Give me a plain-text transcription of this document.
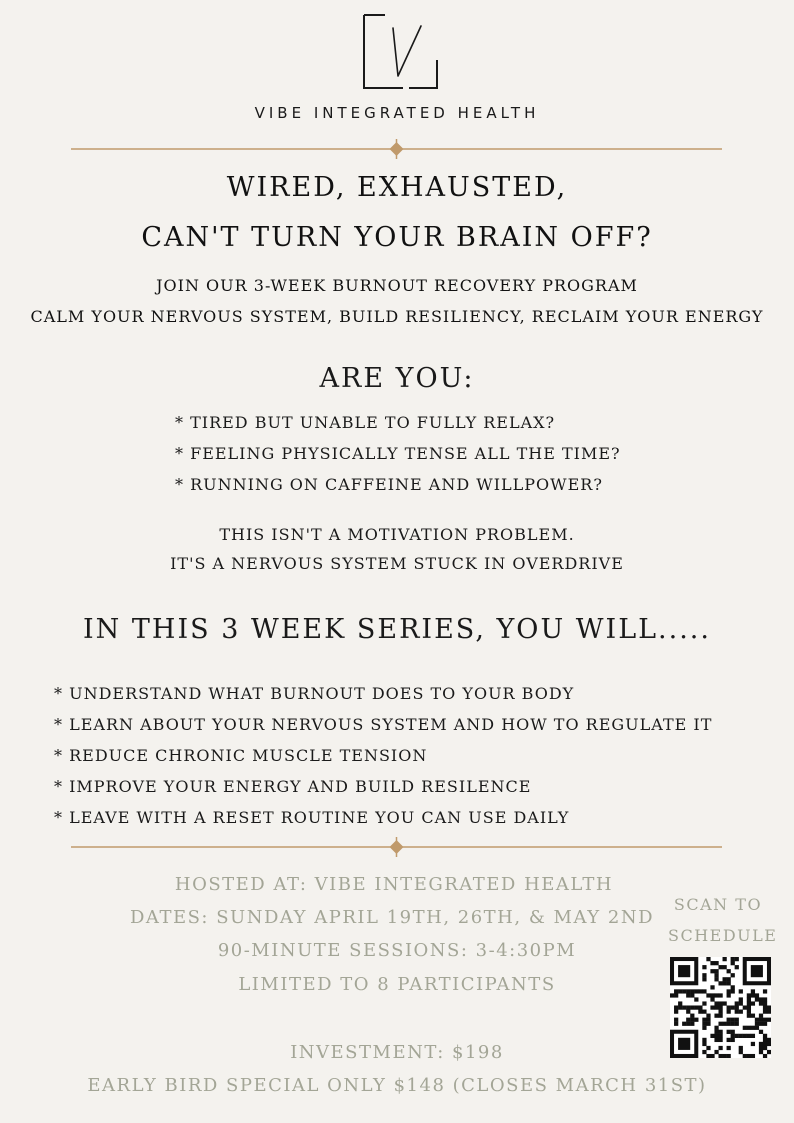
VIBE INTEGRATED HEALTH
WIRED, EXHAUSTED,
CAN'T TURN YOUR BRAIN OFF?
JOIN OUR 3-WEEK BURNOUT RECOVERY PROGRAM
CALM YOUR NERVOUS SYSTEM, BUILD RESILIENCY, RECLAIM YOUR ENERGY
ARE YOU:
* TIRED BUT UNABLE TO FULLY RELAX?
* FEELING PHYSICALLY TENSE ALL THE TIME?
* RUNNING ON CAFFEINE AND WILLPOWER?
THIS ISN'T A MOTIVATION PROBLEM.
IT'S A NERVOUS SYSTEM STUCK IN OVERDRIVE
IN THIS 3 WEEK SERIES, YOU WILL.....
* UNDERSTAND WHAT BURNOUT DOES TO YOUR BODY
* LEARN ABOUT YOUR NERVOUS SYSTEM AND HOW TO REGULATE IT
* REDUCE CHRONIC MUSCLE TENSION
* IMPROVE YOUR ENERGY AND BUILD RESILENCE
* LEAVE WITH A RESET ROUTINE YOU CAN USE DAILY
HOSTED AT: VIBE INTEGRATED HEALTH
DATES: SUNDAY APRIL 19TH, 26TH, & MAY 2ND
90-MINUTE SESSIONS: 3-4:30PM
LIMITED TO 8 PARTICIPANTS
INVESTMENT: $198
EARLY BIRD SPECIAL ONLY $148 (CLOSES MARCH 31ST)
SCAN TO
SCHEDULE
